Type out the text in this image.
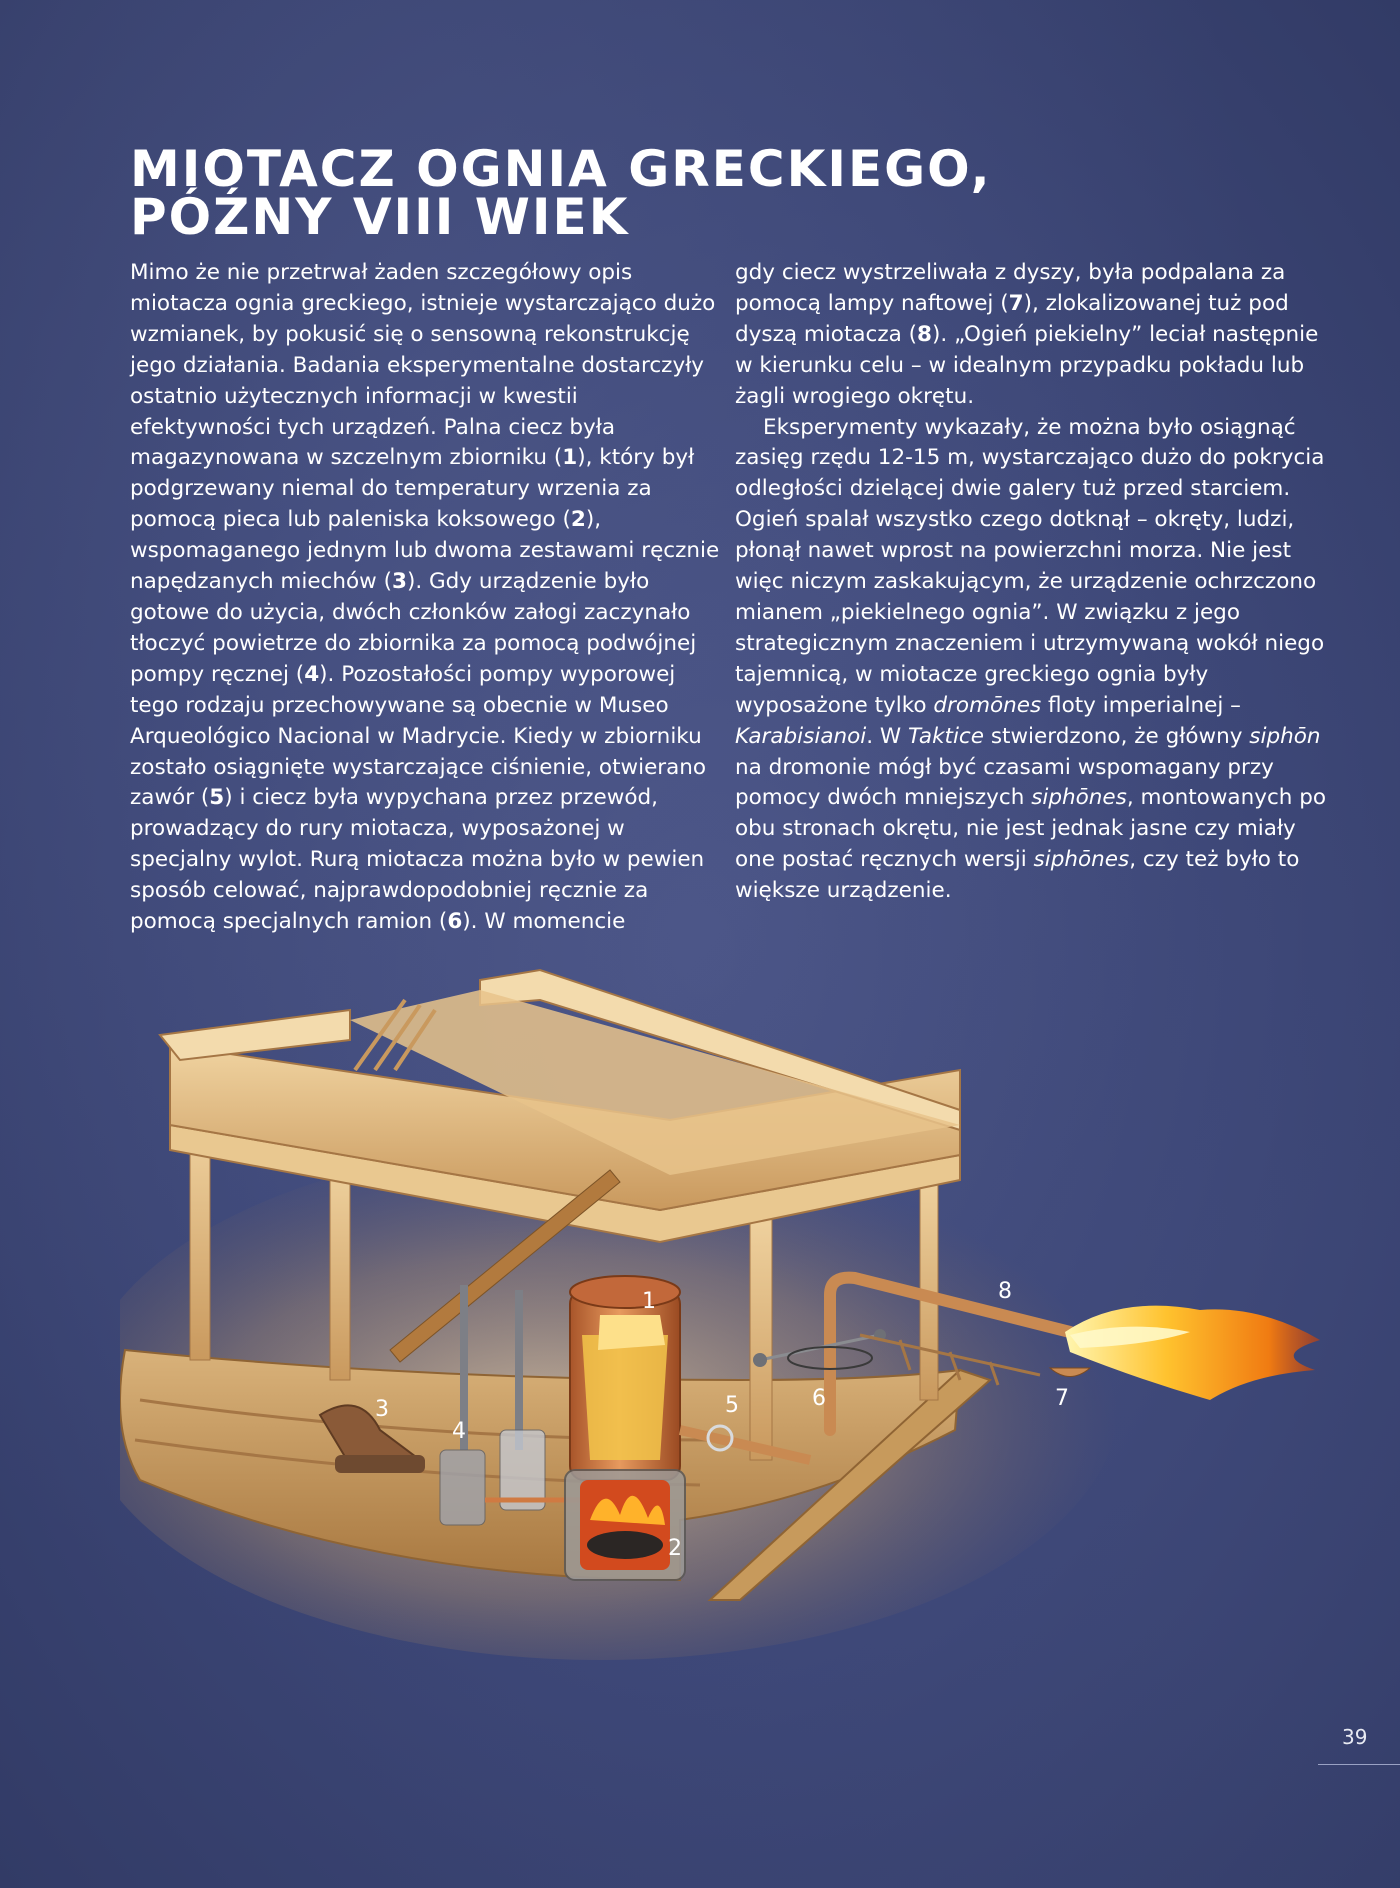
MIOTACZ OGNIA GRECKIEGO,
PÓŹNY VIII WIEK

Mimo że nie przetrwał żaden szczegółowy opis miotacza ognia greckiego, istnieje wystarczająco dużo wzmianek, by pokusić się o sensowną rekonstrukcję jego działania. Badania eksperymentalne dostarczyły ostatnio użytecznych informacji w kwestii efektywności tych urządzeń. Palna ciecz była magazynowana w szczelnym zbiorniku (1), który był podgrzewany niemal do temperatury wrzenia za pomocą pieca lub paleniska koksowego (2), wspomaganego jednym lub dwoma zestawami ręcznie napędzanych miechów (3). Gdy urządzenie było gotowe do użycia, dwóch członków załogi zaczynało tłoczyć powietrze do zbiornika za pomocą podwójnej pompy ręcznej (4). Pozostałości pompy wyporowej tego rodzaju przechowywane są obecnie w Museo Arqueológico Nacional w Madrycie. Kiedy w zbiorniku zostało osiągnięte wystarczające ciśnienie, otwierano zawór (5) i ciecz była wypychana przez przewód, prowadzący do rury miotacza, wyposażonej w specjalny wylot. Rurą miotacza można było w pewien sposób celować, najprawdopodobniej ręcznie za pomocą specjalnych ramion (6). W momencie

gdy ciecz wystrzeliwała z dyszy, była podpalana za pomocą lampy naftowej (7), zlokalizowanej tuż pod dyszą miotacza (8). „Ogień piekielny” leciał następnie w kierunku celu – w idealnym przypadku pokładu lub żagli wrogiego okrętu.

Eksperymenty wykazały, że można było osiągnąć zasięg rzędu 12-15 m, wystarczająco dużo do pokrycia odległości dzielącej dwie galery tuż przed starciem. Ogień spalał wszystko czego dotknął – okręty, ludzi, płonął nawet wprost na powierzchni morza. Nie jest więc niczym zaskakującym, że urządzenie ochrzczono mianem „piekielnego ognia”. W związku z jego strategicznym znaczeniem i utrzymywaną wokół niego tajemnicą, w miotacze greckiego ognia były wyposażone tylko dromōnes floty imperialnej – Karabisianoi. W Taktice stwierdzono, że główny siphōn na dromonie mógł być czasami wspomagany przy pomocy dwóch mniejszych siphōnes, montowanych po obu stronach okrętu, nie jest jednak jasne czy miały one postać ręcznych wersji siphōnes, czy też było to większe urządzenie.

1
2
3
4
5	6	7
8
39
